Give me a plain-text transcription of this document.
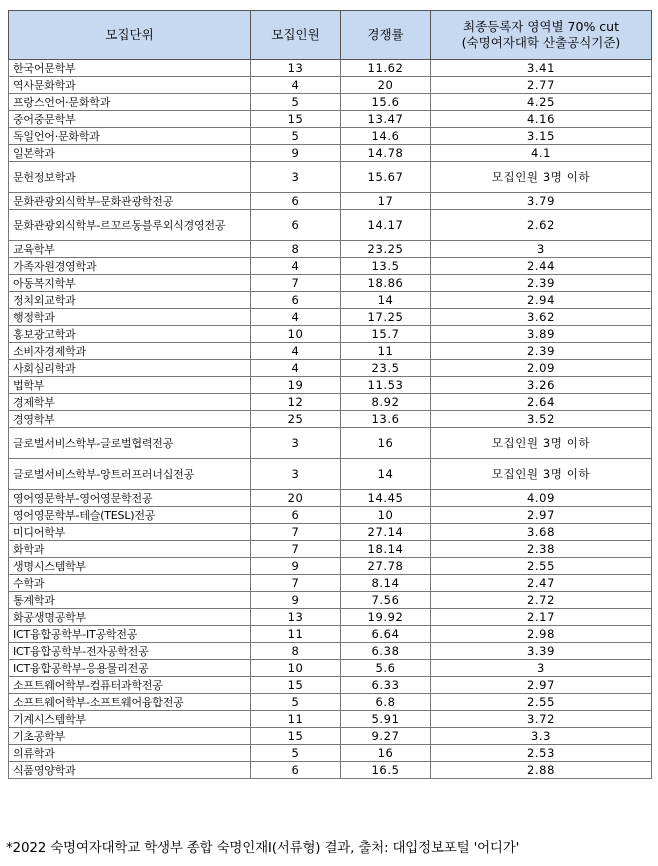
모집단위	모집인원	경쟁률	최종등록자 영역별 70% cut
(숙명여자대학 산출공식기준)

한국어문학부	13	11.62	3.41
역사문화학과	4	20	2.77
프랑스언어·문화학과	5	15.6	4.25
중어중문학부	15	13.47	4.16
독일언어·문화학과	5	14.6	3.15
일본학과	9	14.78	4.1
문헌정보학과	3	15.67	모집인원 3명 이하
문화관광외식학부-문화관광학전공	6	17	3.79
문화관광외식학부-르꼬르동블루외식경영전공	6	14.17	2.62
교육학부	8	23.25	3
가족자원경영학과	4	13.5	2.44
아동복지학부	7	18.86	2.39
정치외교학과	6	14	2.94
행정학과	4	17.25	3.62
홍보광고학과	10	15.7	3.89
소비자경제학과	4	11	2.39
사회심리학과	4	23.5	2.09
법학부	19	11.53	3.26
경제학부	12	8.92	2.64
경영학부	25	13.6	3.52
글로벌서비스학부-글로벌협력전공	3	16	모집인원 3명 이하
글로벌서비스학부-앙트러프러너십전공	3	14	모집인원 3명 이하
영어영문학부-영어영문학전공	20	14.45	4.09
영어영문학부-테슬(TESL)전공	6	10	2.97
미디어학부	7	27.14	3.68
화학과	7	18.14	2.38
생명시스템학부	9	27.78	2.55
수학과	7	8.14	2.47
통계학과	9	7.56	2.72
화공생명공학부	13	19.92	2.17
ICT융합공학부-IT공학전공	11	6.64	2.98
ICT융합공학부-전자공학전공	8	6.38	3.39
ICT융합공학부-응용물리전공	10	5.6	3
소프트웨어학부-컴퓨터과학전공	15	6.33	2.97
소프트웨어학부-소프트웨어융합전공	5	6.8	2.55
기계시스템학부	11	5.91	3.72
기초공학부	15	9.27	3.3
의류학과	5	16	2.53
식품영양학과	6	16.5	2.88
*2022 숙명여자대학교 학생부 종합 숙명인재Ⅰ(서류형) 결과, 출처: 대입정보포털 '어디가'
